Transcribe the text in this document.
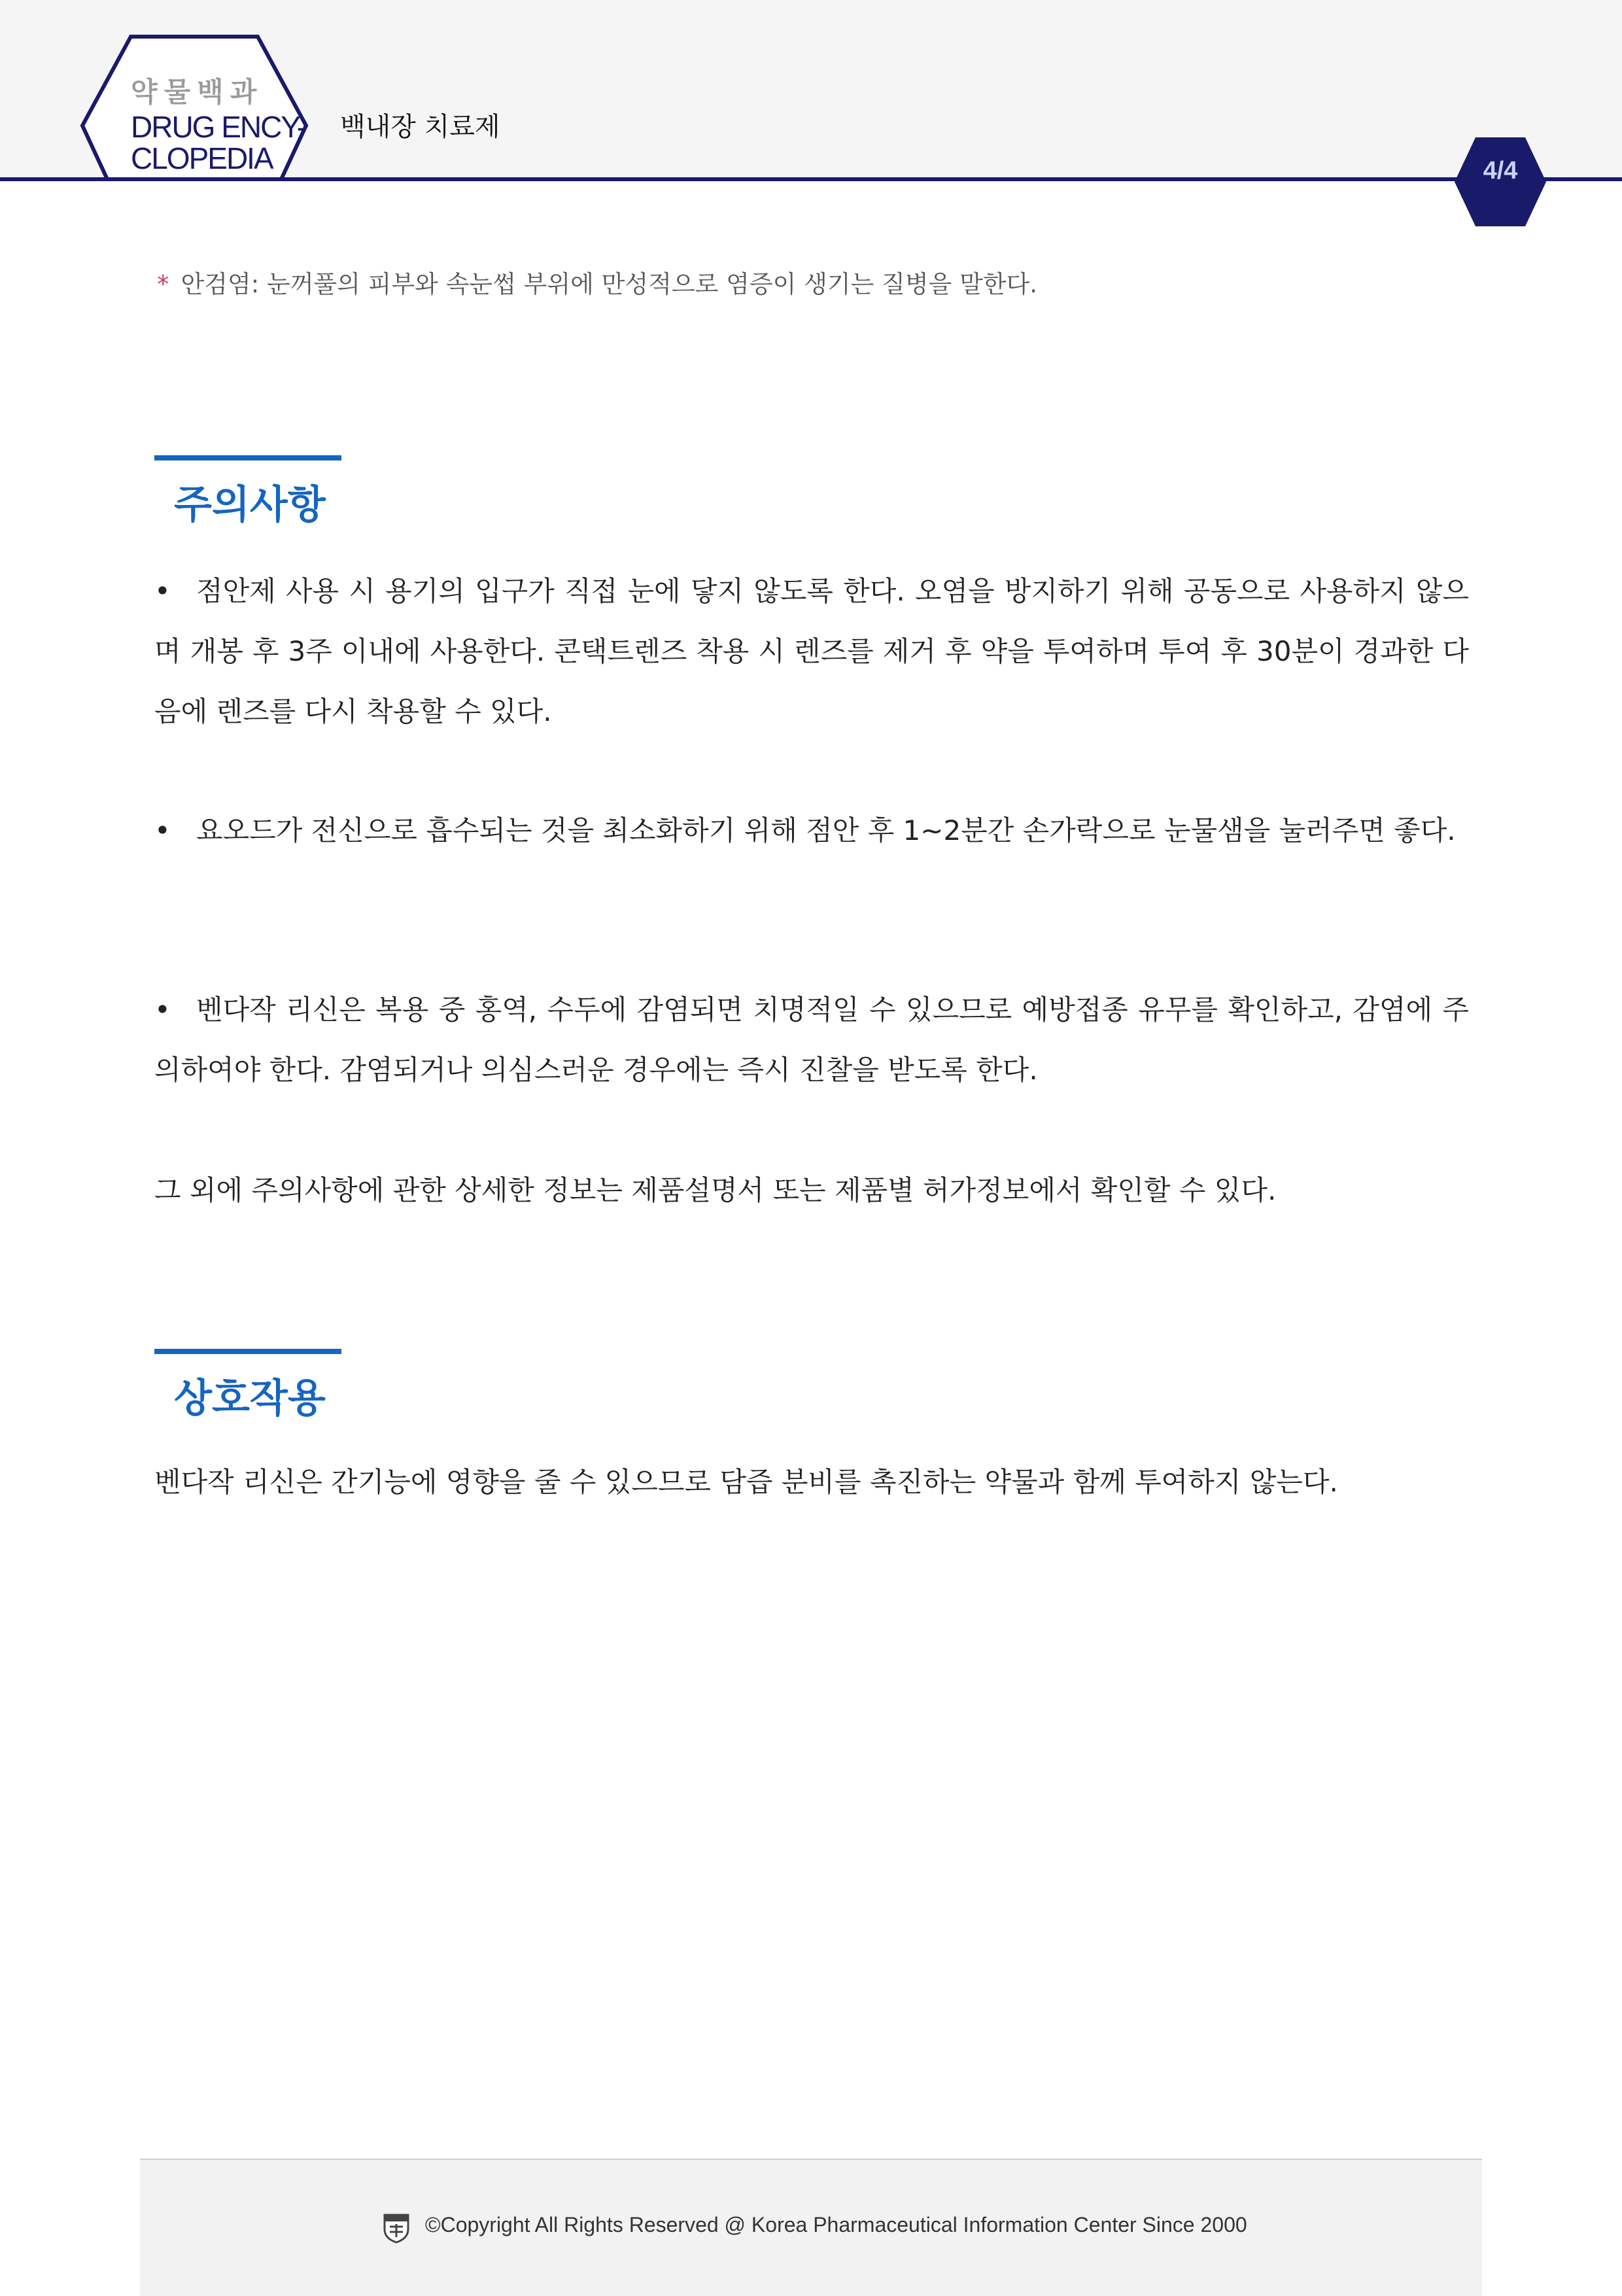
약물백과
DRUG ENCY-
CLOPEDIA
백내장 치료제
4/4
* 안검염: 눈꺼풀의 피부와 속눈썹 부위에 만성적으로 염증이 생기는 질병을 말한다.
주의사항
• 점안제 사용 시 용기의 입구가 직접 눈에 닿지 않도록 한다. 오염을 방지하기 위해 공동으로 사용하지 않으며 개봉 후 3주 이내에 사용한다. 콘택트렌즈 착용 시 렌즈를 제거 후 약을 투여하며 투여 후 30분이 경과한 다음에 렌즈를 다시 착용할 수 있다.
• 요오드가 전신으로 흡수되는 것을 최소화하기 위해 점안 후 1~2분간 손가락으로 눈물샘을 눌러주면 좋다.
• 벤다작 리신은 복용 중 홍역, 수두에 감염되면 치명적일 수 있으므로 예방접종 유무를 확인하고, 감염에 주의하여야 한다. 감염되거나 의심스러운 경우에는 즉시 진찰을 받도록 한다.
그 외에 주의사항에 관한 상세한 정보는 제품설명서 또는 제품별 허가정보에서 확인할 수 있다.
상호작용
벤다작 리신은 간기능에 영향을 줄 수 있으므로 담즙 분비를 촉진하는 약물과 함께 투여하지 않는다.
©Copyright All Rights Reserved @ Korea Pharmaceutical Information Center Since 2000
